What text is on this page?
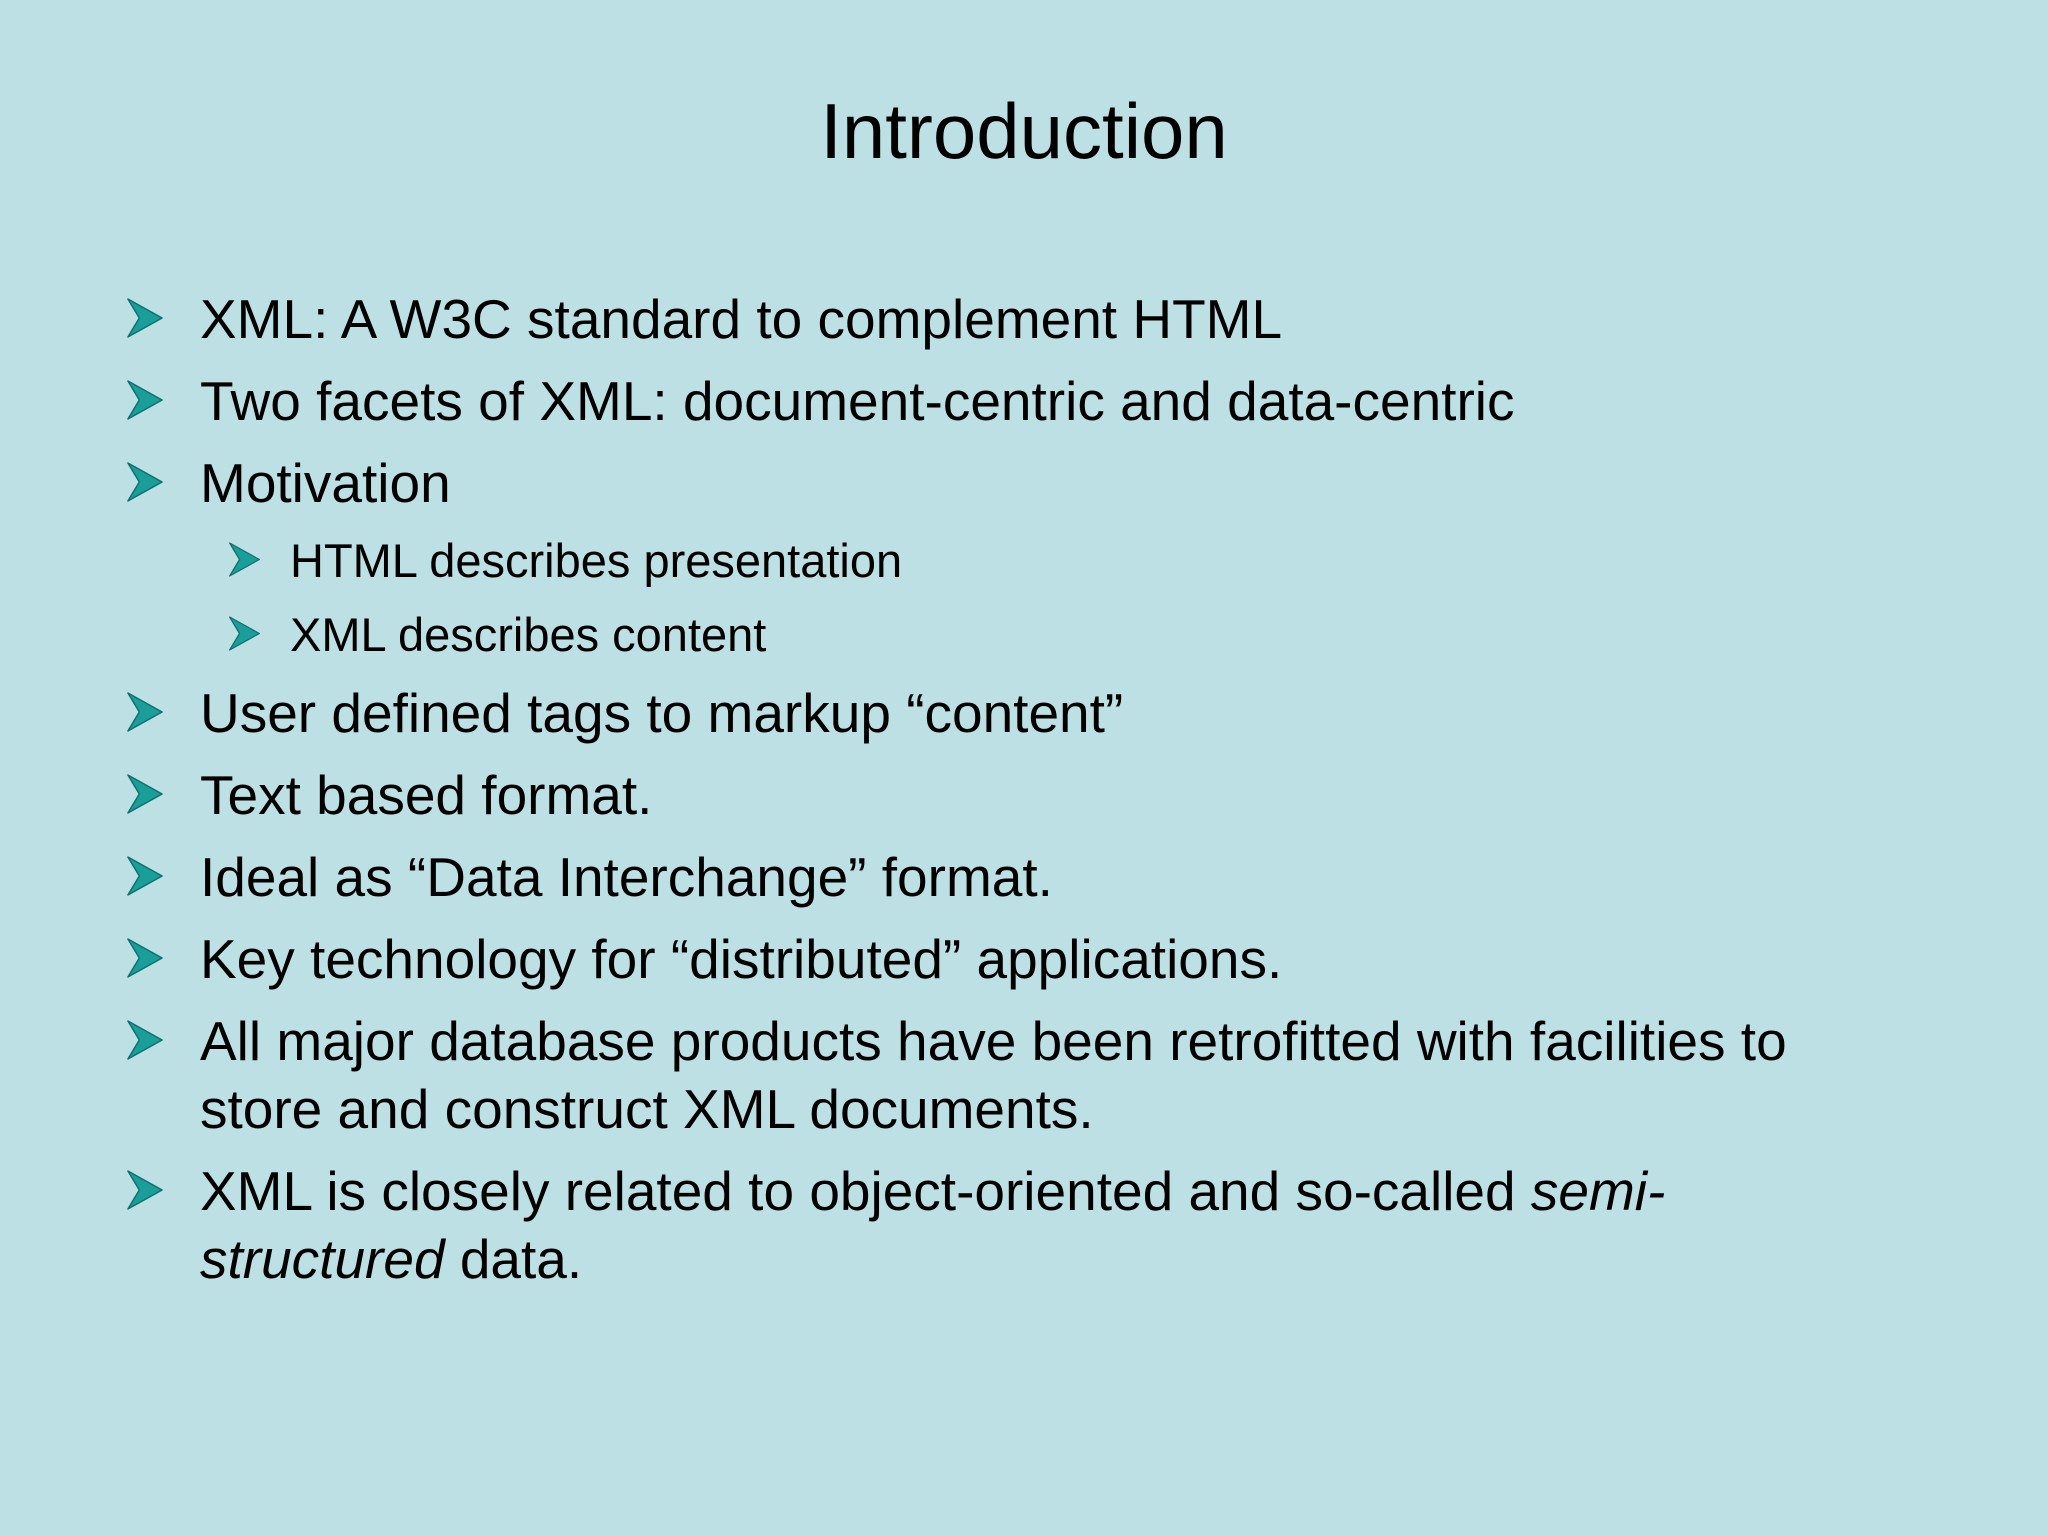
Introduction
XML: A W3C standard to complement HTML
Two facets of XML: document-centric and data-centric
Motivation
HTML describes presentation
XML describes content
User defined tags to markup “content”
Text based format.
Ideal as “Data Interchange” format.
Key technology for “distributed” applications.
All major database products have been retrofitted with facilities to store and construct XML documents.
XML is closely related to object-oriented and so-called semi-structured data.
